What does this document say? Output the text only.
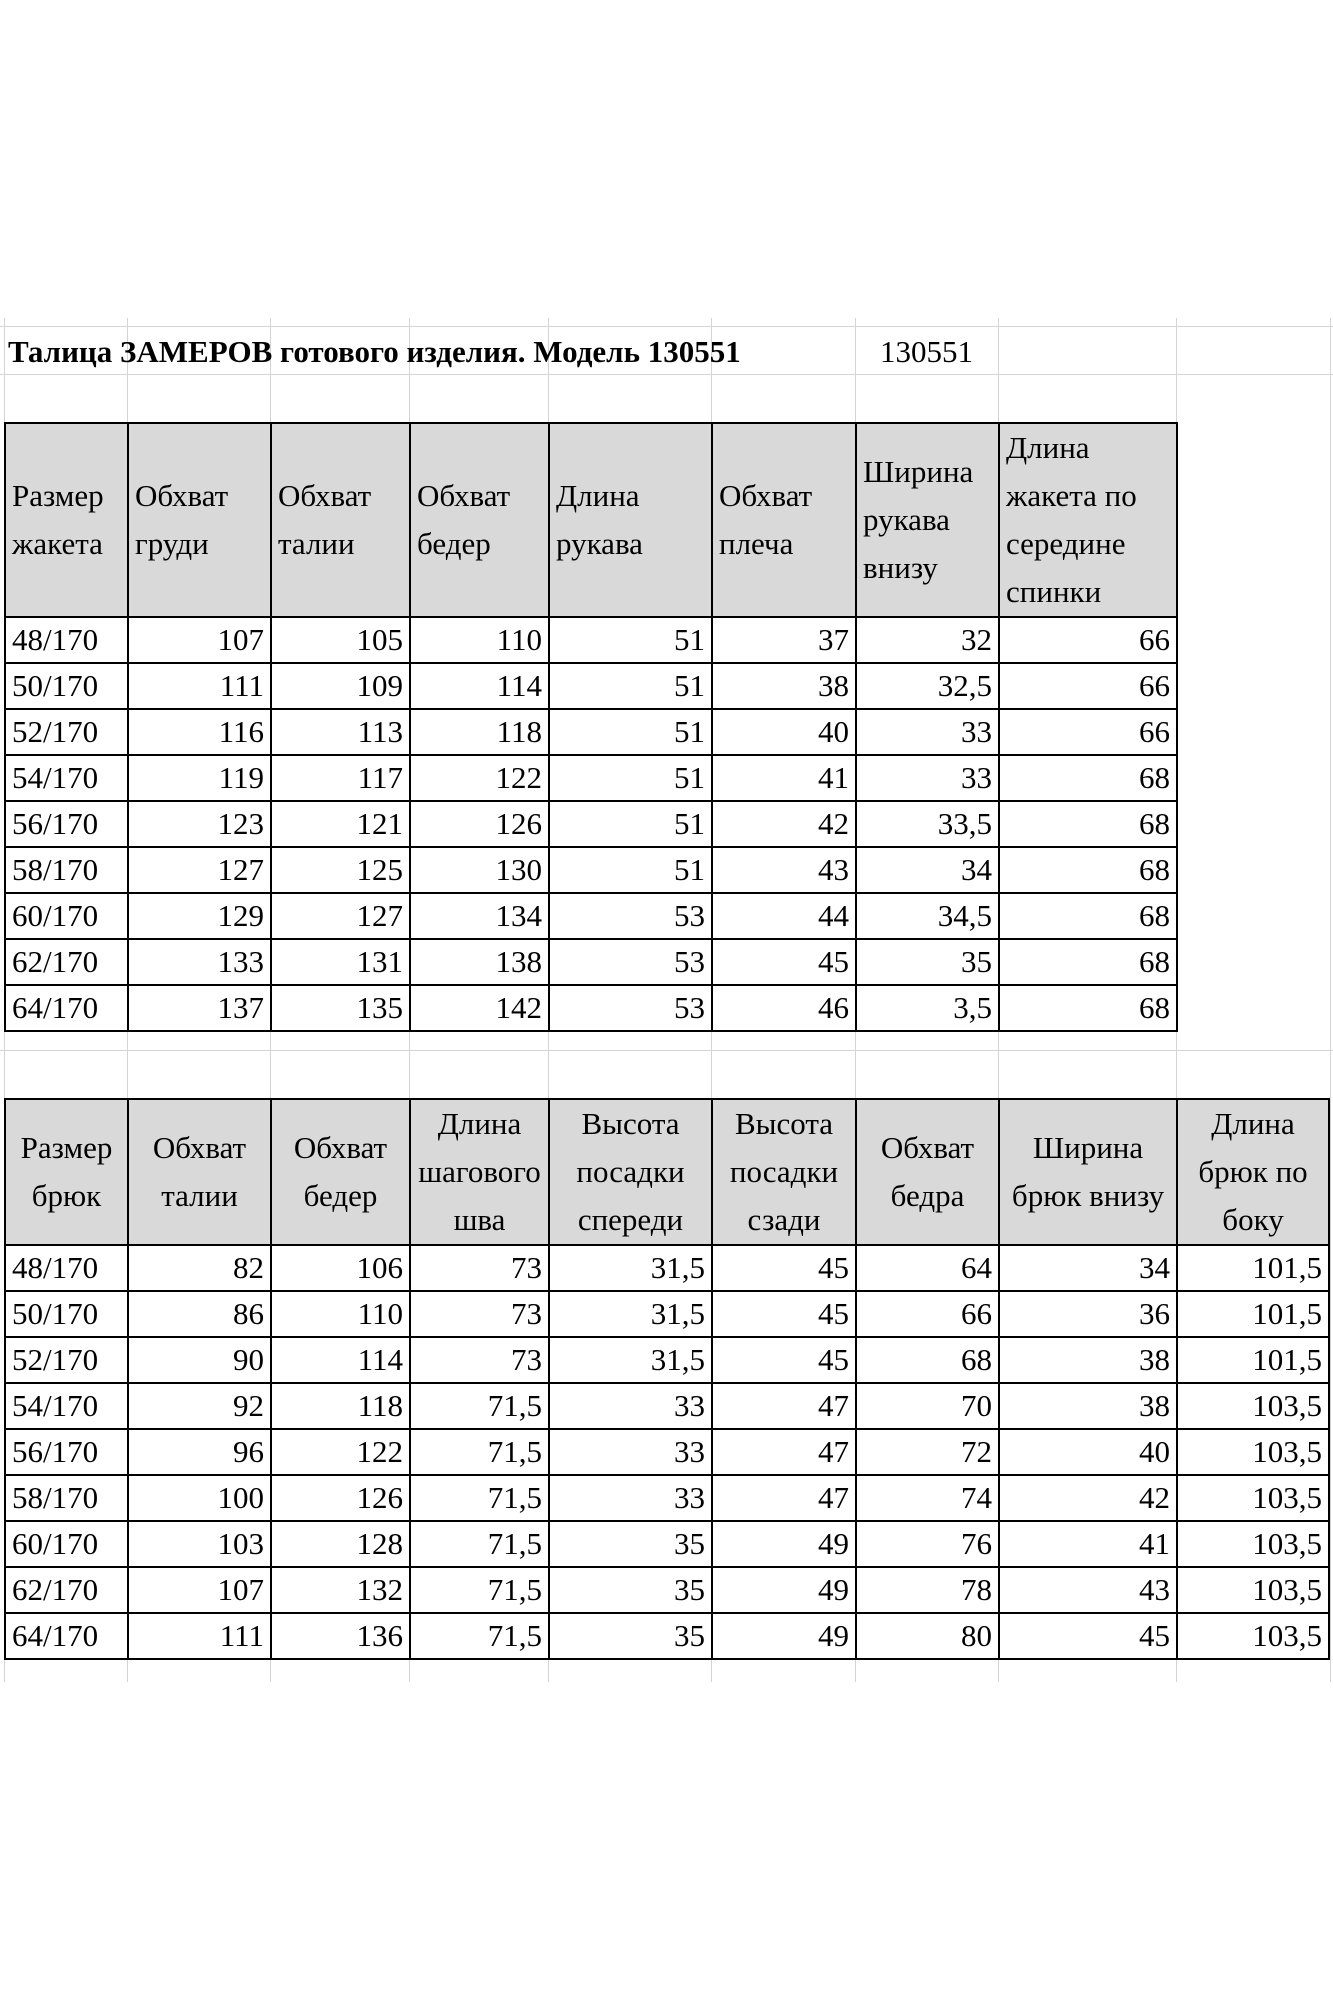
Талица ЗАМЕРОВ готового изделия. Модель 130551	130551
Размер жакета	Обхват груди	Обхват талии	Обхват бедер	Длина рукава	Обхват плеча	Ширина рукава внизу	Длина жакета по середине спинки
48/170	107	105	110	51	37	32	66
50/170	111	109	114	51	38	32,5	66
52/170	116	113	118	51	40	33	66
54/170	119	117	122	51	41	33	68
56/170	123	121	126	51	42	33,5	68
58/170	127	125	130	51	43	34	68
60/170	129	127	134	53	44	34,5	68
62/170	133	131	138	53	45	35	68
64/170	137	135	142	53	46	3,5	68
Размер брюк	Обхват талии	Обхват бедер	Длина шагового шва	Высота посадки спереди	Высота посадки сзади	Обхват бедра	Ширина брюк внизу	Длина брюк по боку
48/170	82	106	73	31,5	45	64	34	101,5
50/170	86	110	73	31,5	45	66	36	101,5
52/170	90	114	73	31,5	45	68	38	101,5
54/170	92	118	71,5	33	47	70	38	103,5
56/170	96	122	71,5	33	47	72	40	103,5
58/170	100	126	71,5	33	47	74	42	103,5
60/170	103	128	71,5	35	49	76	41	103,5
62/170	107	132	71,5	35	49	78	43	103,5
64/170	111	136	71,5	35	49	80	45	103,5
